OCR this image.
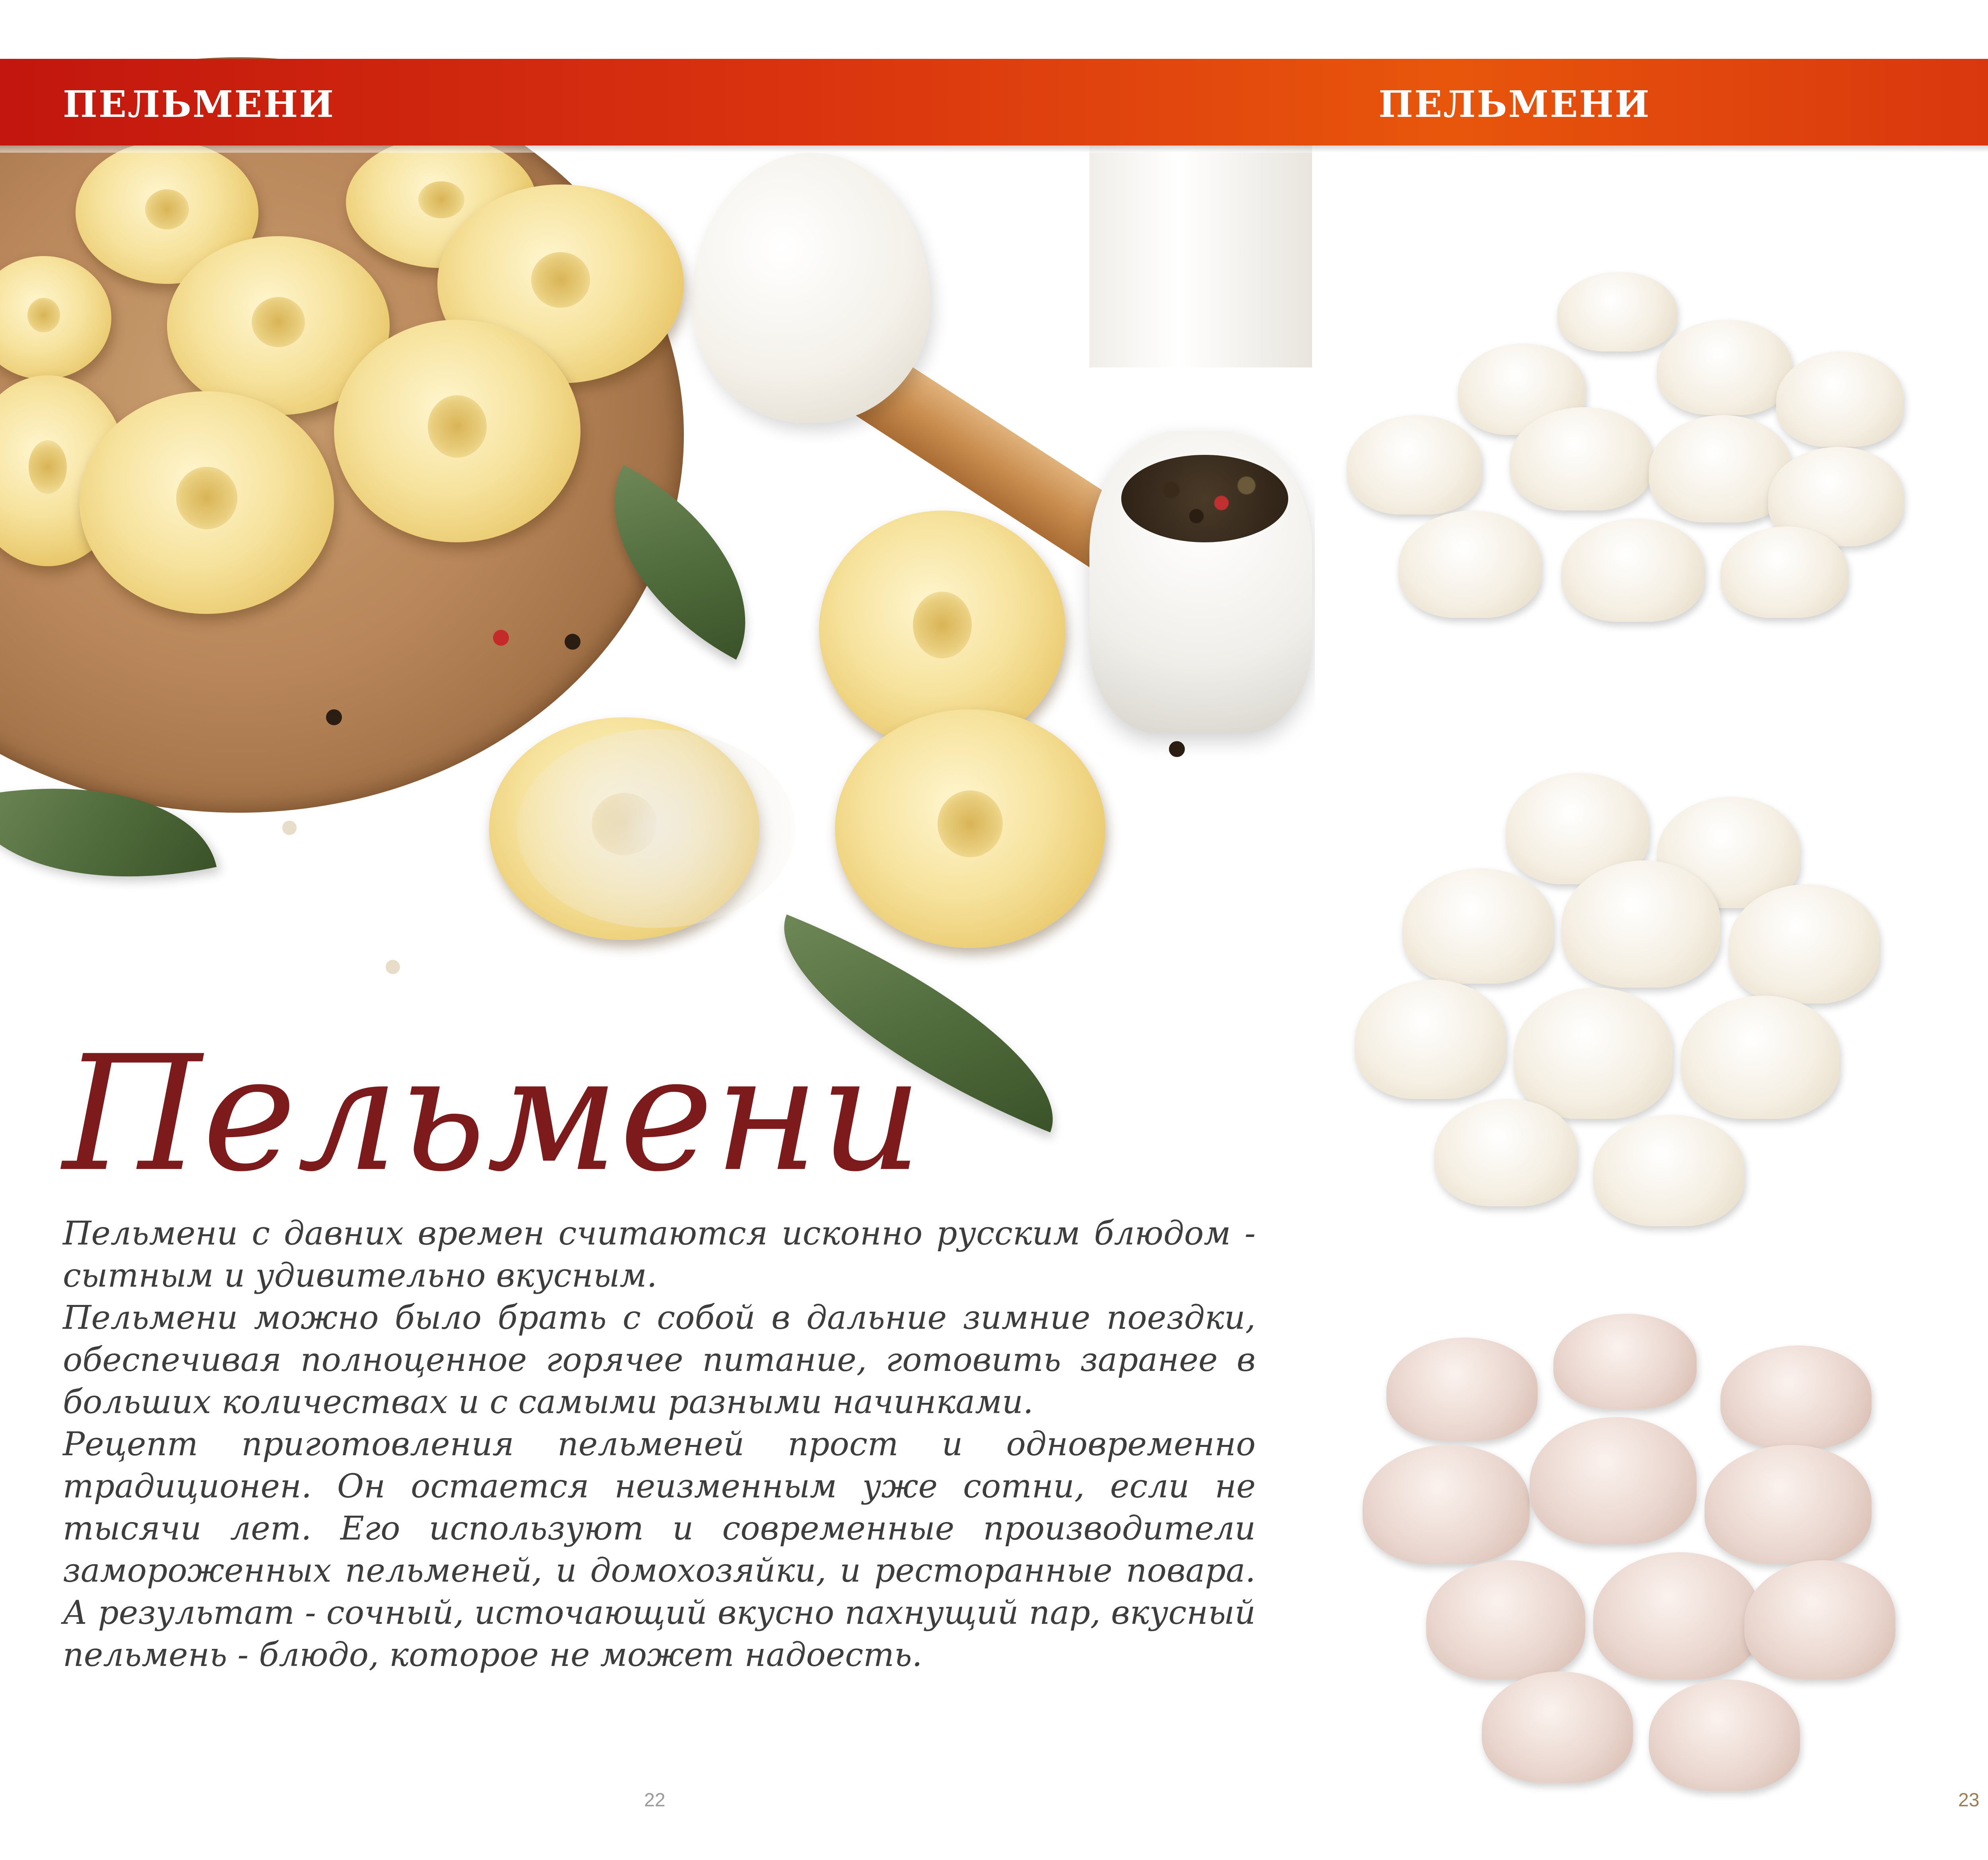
Пельмени

Пельмени с давних времен считаются исконно русским блюдом - сытным и удивительно вкусным.

Пельмени можно было брать с собой в дальние зимние поездки, обеспечивая полноценное горячее питание, готовить заранее в больших количествах и с самыми разными начинками.

Рецепт приготовления пельменей прост и одновременно традиционен. Он остается неизменным уже сотни, если не тысячи лет. Его используют и современные производители замороженных пельменей, и домохозяйки, и ресторанные повара. А результат - сочный, источающий вкусно пахнущий пар, вкусный пельмень - блюдо, которое не может надоесть.

22
ПЕЛЬМЕНИ	ПЕЛЬМЕНИ
23
